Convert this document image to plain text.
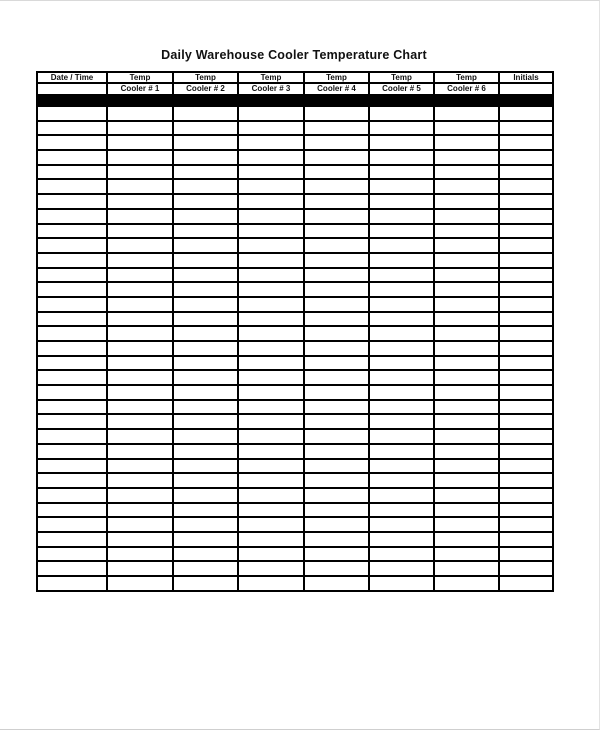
Daily Warehouse Cooler Temperature Chart
Date / Time	Temp	Temp	Temp	Temp	Temp	Temp	Initials
	Cooler # 1	Cooler # 2	Cooler # 3	Cooler # 4	Cooler # 5	Cooler # 6	
